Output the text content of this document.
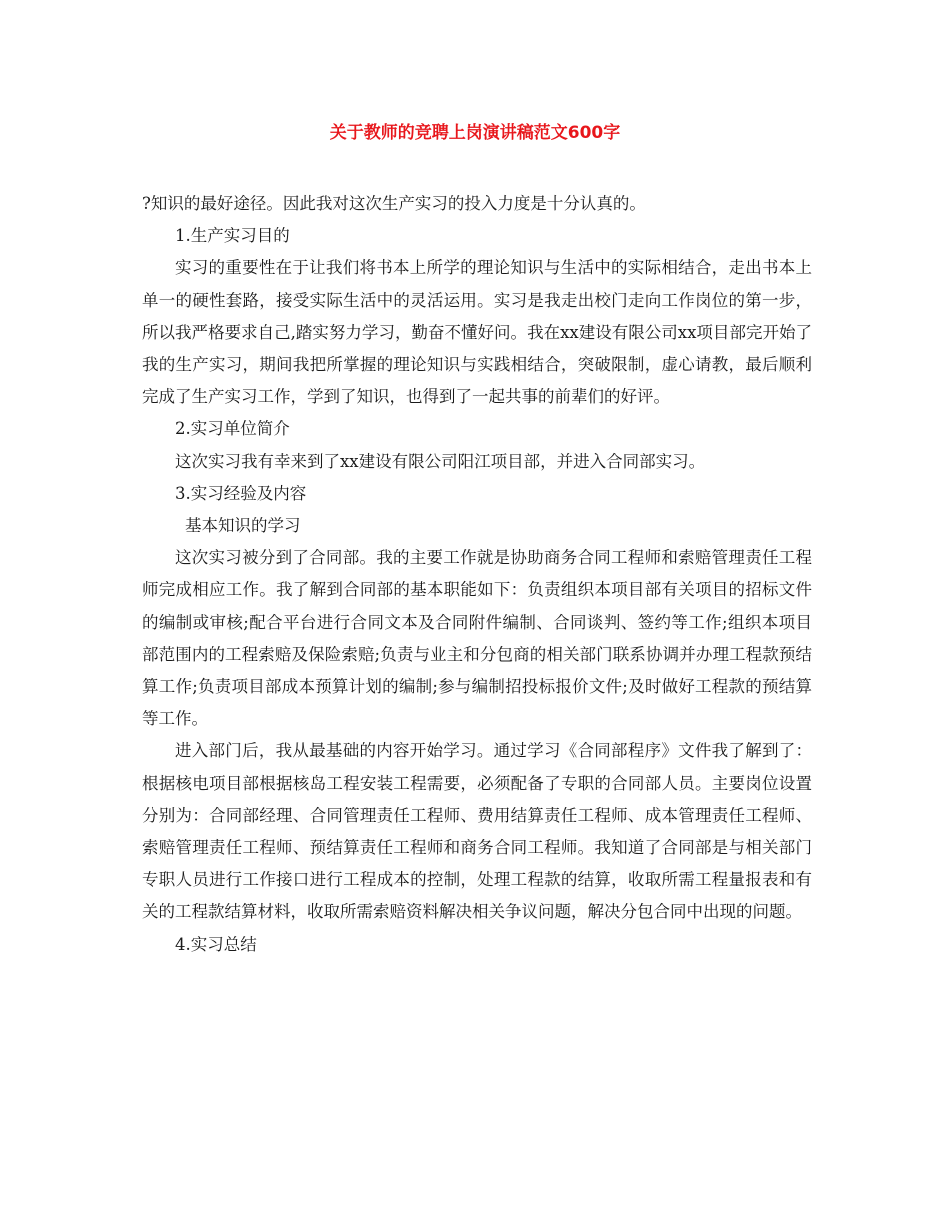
关于教师的竞聘上岗演讲稿范文600字

?知识的最好途径。因此我对这次生产实习的投入力度是十分认真的。

1.生产实习目的

实习的重要性在于让我们将书本上所学的理论知识与生活中的实际相结合，走出书本上单一的硬性套路，接受实际生活中的灵活运用。实习是我走出校门走向工作岗位的第一步，所以我严格要求自己,踏实努力学习，勤奋不懂好问。我在xx建设有限公司xx项目部完开始了我的生产实习，期间我把所掌握的理论知识与实践相结合，突破限制，虚心请教，最后顺利完成了生产实习工作，学到了知识，也得到了一起共事的前辈们的好评。

2.实习单位简介

这次实习我有幸来到了xx建设有限公司阳江项目部，并进入合同部实习。

3.实习经验及内容

基本知识的学习

这次实习被分到了合同部。我的主要工作就是协助商务合同工程师和索赔管理责任工程师完成相应工作。我了解到合同部的基本职能如下：负责组织本项目部有关项目的招标文件的编制或审核;配合平台进行合同文本及合同附件编制、合同谈判、签约等工作;组织本项目部范围内的工程索赔及保险索赔;负责与业主和分包商的相关部门联系协调并办理工程款预结算工作;负责项目部成本预算计划的编制;参与编制招投标报价文件;及时做好工程款的预结算等工作。

进入部门后，我从最基础的内容开始学习。通过学习《合同部程序》文件我了解到了：根据核电项目部根据核岛工程安装工程需要，必须配备了专职的合同部人员。主要岗位设置分别为：合同部经理、合同管理责任工程师、费用结算责任工程师、成本管理责任工程师、索赔管理责任工程师、预结算责任工程师和商务合同工程师。我知道了合同部是与相关部门专职人员进行工作接口进行工程成本的控制，处理工程款的结算，收取所需工程量报表和有关的工程款结算材料，收取所需索赔资料解决相关争议问题，解决分包合同中出现的问题。

4.实习总结
